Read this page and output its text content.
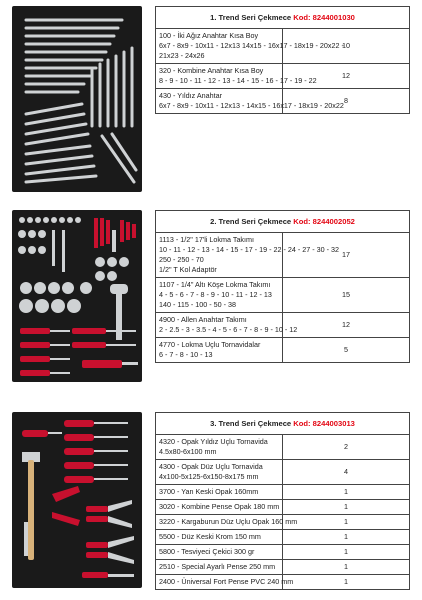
1. Trend Seri Çekmece Kod: 8244001030	

100 - İki Ağız Anahtar Kısa Boy
6x7 - 8x9 - 10x11 - 12x13 14x15 - 16x17 - 18x19 - 20x22 -
21x23 - 24x26	10

320 - Kombine Anahtar Kısa Boy
8 - 9 - 10 - 11 - 12 - 13 - 14 - 15 - 16 - 17 - 19 - 22	12

430 - Yıldız Anahtar
6x7 - 8x9 - 10x11 - 12x13 - 14x15 - 16x17 - 18x19 - 20x22	8
2. Trend Seri Çekmece Kod: 8244002052	

1113 - 1/2" 17'li Lokma Takımı
10 - 11 - 12 - 13 - 14 - 15 - 17 - 19 - 22 - 24 - 27 - 30 - 32
250 - 250 - 70
1/2" T Kol Adaptör	17

1107 - 1/4" Altı Köşe Lokma Takımı
4 - 5 - 6 - 7 - 8 - 9 - 10 - 11 - 12 - 13
140 - 115 - 100 - 50 - 38	15

4900 - Allen Anahtar Takımı
2 - 2.5 - 3 - 3.5 - 4 - 5 - 6 - 7 - 8 - 9 - 10 - 12	12

4770 - Lokma Uçlu Tornavidalar
6 - 7 - 8 - 10 - 13	5
3. Trend Seri Çekmece Kod: 8244003013	

4320 - Opak Yıldız Uçlu Tornavida
4.5x80-6x100 mm	2

4300 - Opak Düz Uçlu Tornavida
4x100-5x125-6x150-8x175 mm	4

3700 - Yan Keski Opak 160mm	1

3020 - Kombine Pense Opak 180 mm	1

3220 - Kargaburun Düz Uçlu Opak 160 mm	1

5500 - Düz Keski Krom 150 mm	1

5800 - Tesviyeci Çekici 300 gr	1

2510 - Special Ayarlı Pense 250 mm	1

2400 - Üniversal Fort Pense PVC 240 mm	1
